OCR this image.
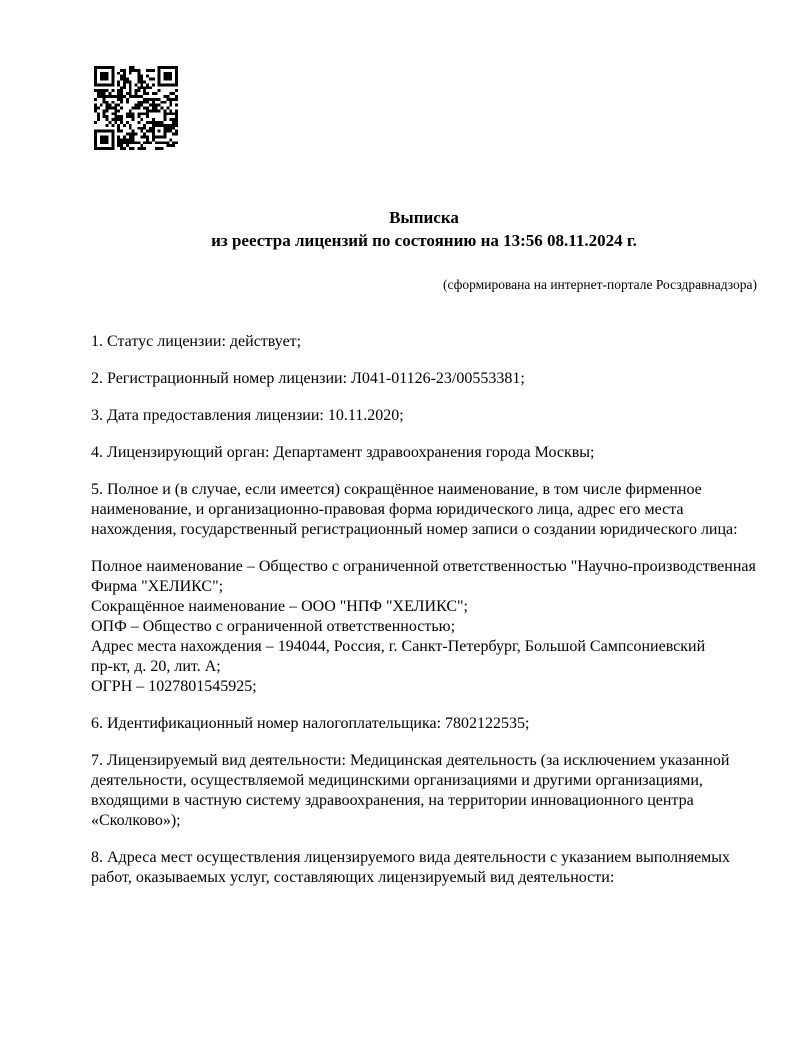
Выписка
из реестра лицензий по состоянию на 13:56 08.11.2024 г.
(сформирована на интернет-портале Росздравнадзора)
1. Статус лицензии: действует;
2. Регистрационный номер лицензии: Л041-01126-23/00553381;
3. Дата предоставления лицензии: 10.11.2020;
4. Лицензирующий орган: Департамент здравоохранения города Москвы;
5. Полное и (в случае, если имеется) сокращённое наименование, в том числе фирменное
наименование, и организационно-правовая форма юридического лица, адрес его места
нахождения, государственный регистрационный номер записи о создании юридического лица:
Полное наименование – Общество с ограниченной ответственностью "Научно-производственная
Фирма "ХЕЛИКС";
Сокращённое наименование – ООО "НПФ "ХЕЛИКС";
ОПФ – Общество с ограниченной ответственностью;
Адрес места нахождения – 194044, Россия, г. Санкт-Петербург, Большой Сампсониевский
пр-кт, д. 20, лит. А;
ОГРН – 1027801545925;
6. Идентификационный номер налогоплательщика: 7802122535;
7. Лицензируемый вид деятельности: Медицинская деятельность (за исключением указанной
деятельности, осуществляемой медицинскими организациями и другими организациями,
входящими в частную систему здравоохранения, на территории инновационного центра
«Сколково»);
8. Адреса мест осуществления лицензируемого вида деятельности с указанием выполняемых
работ, оказываемых услуг, составляющих лицензируемый вид деятельности:
